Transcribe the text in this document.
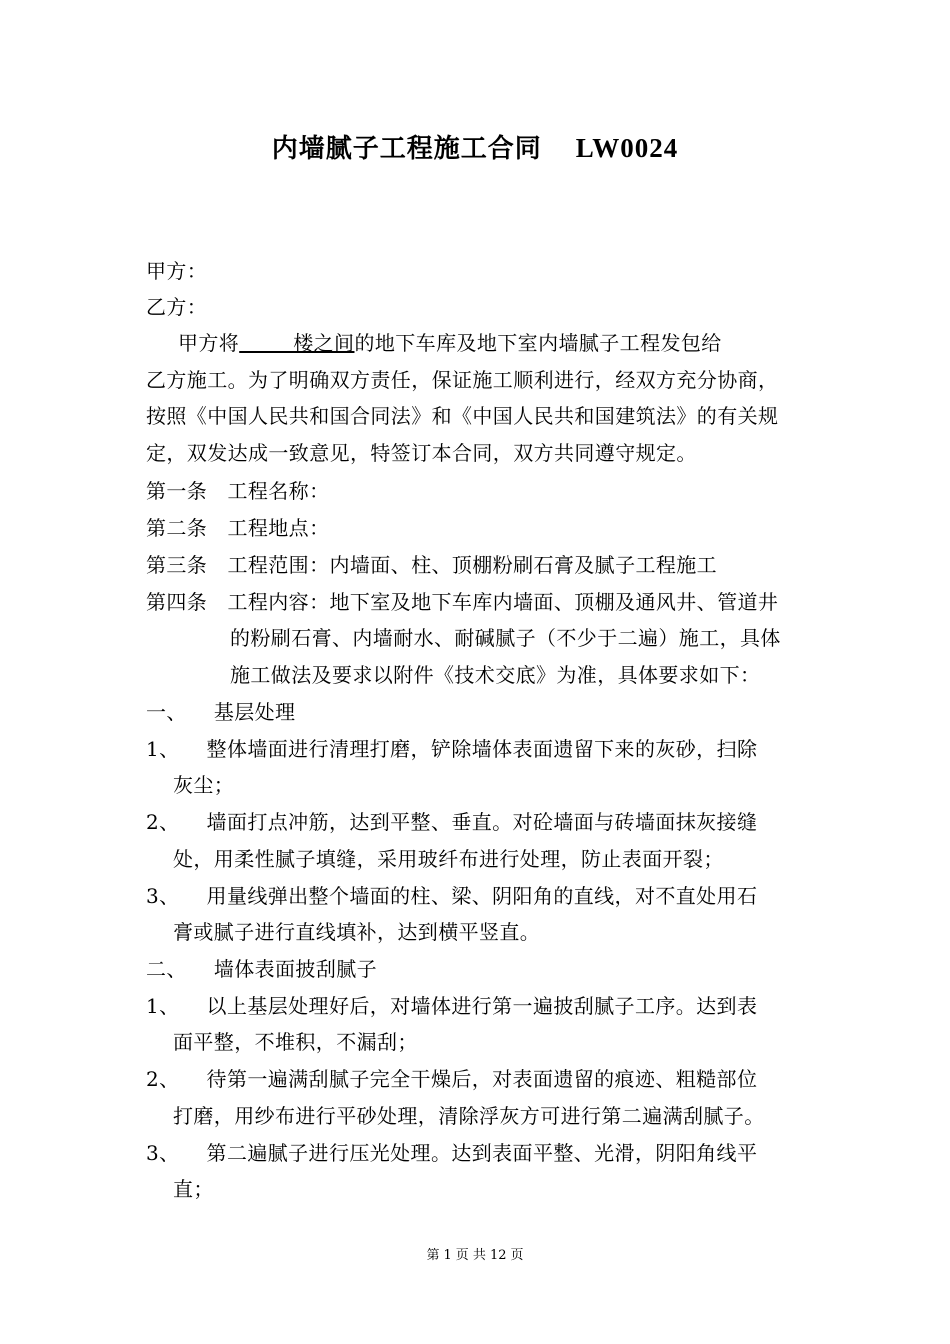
内墙腻子工程施工合同 LW0024
甲方：
乙方：
甲方将        楼之间的地下车库及地下室内墙腻子工程发包给
乙方施工。为了明确双方责任，保证施工顺利进行，经双方充分协商，
按照《中国人民共和国合同法》和《中国人民共和国建筑法》的有关规
定，双发达成一致意见，特签订本合同，双方共同遵守规定。
第一条   工程名称：
第二条   工程地点：
第三条   工程范围：内墙面、柱、顶棚粉刷石膏及腻子工程施工
第四条   工程内容：地下室及地下车库内墙面、顶棚及通风井、管道井
的粉刷石膏、内墙耐水、耐碱腻子（不少于二遍）施工，具体
施工做法及要求以附件《技术交底》为准，具体要求如下：
一、    基层处理
1、    整体墙面进行清理打磨，铲除墙体表面遗留下来的灰砂，扫除
灰尘；
2、    墙面打点冲筋，达到平整、垂直。对砼墙面与砖墙面抹灰接缝
处，用柔性腻子填缝，采用玻纤布进行处理，防止表面开裂；
3、    用量线弹出整个墙面的柱、梁、阴阳角的直线，对不直处用石
膏或腻子进行直线填补，达到横平竖直。
二、    墙体表面披刮腻子
1、    以上基层处理好后，对墙体进行第一遍披刮腻子工序。达到表
面平整，不堆积，不漏刮；
2、    待第一遍满刮腻子完全干燥后，对表面遗留的痕迹、粗糙部位
打磨，用纱布进行平砂处理，清除浮灰方可进行第二遍满刮腻子。
3、    第二遍腻子进行压光处理。达到表面平整、光滑，阴阳角线平
直；
第 1 页 共 12 页
